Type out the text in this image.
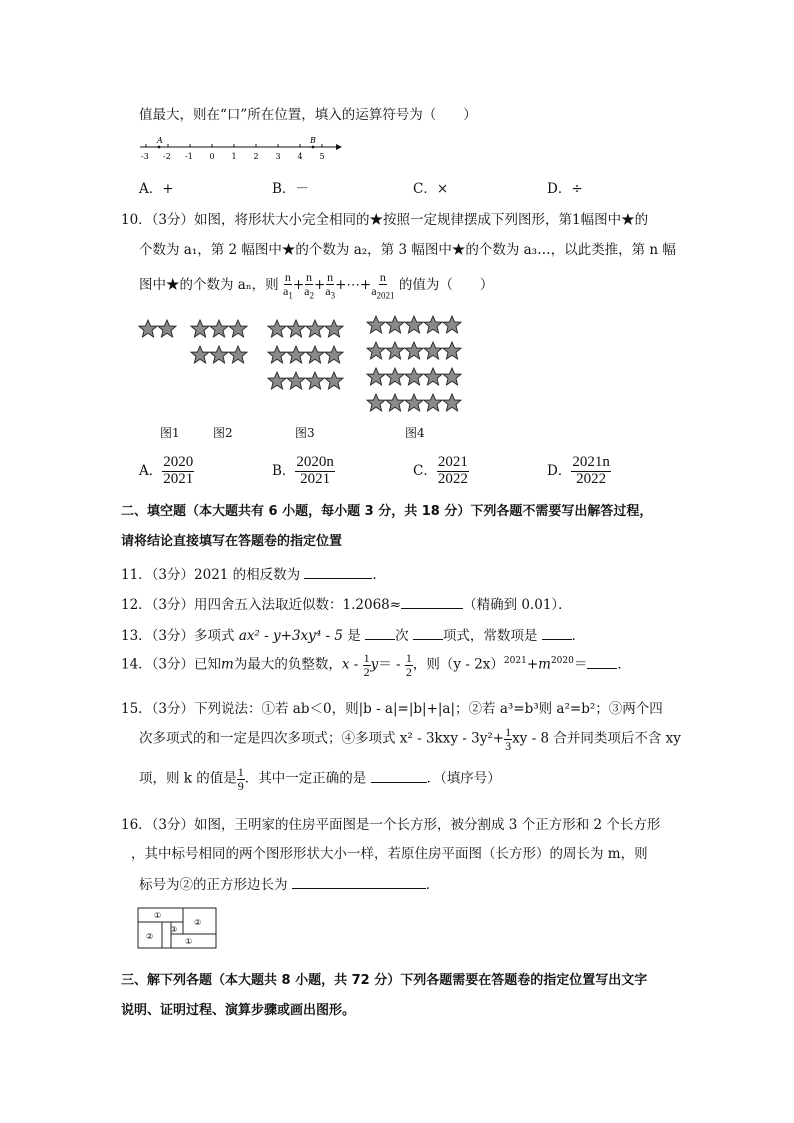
值最大，则在“口”所在位置，填入的运算符号为（　　）
-3 -2 -1 0 1 2 3 4 5
A	B
A．+	B．－	C．×	D．÷
10．（3分）如图，将形状大小完全相同的★按照一定规律摆成下列图形，第1幅图中★的
个数为 a₁，第 2 幅图中★的个数为 a₂，第 3 幅图中★的个数为 a₃…，以此类推，第 n 幅
图中★的个数为 aₙ，则 $\frac{n}{a_1} + \frac{n}{a_2} + \frac{n}{a_3}$ +⋯+ $\frac{n}{a_{2021}}$ 的值为（　　）
图1	图2	图3	图4
A． $\frac{2020}{2021}$	B． $\frac{2020n}{2021}$	C． $\frac{2021}{2022}$	D． $\frac{2021n}{2022}$
二、填空题（本大题共有 6 小题，每小题 3 分，共 18 分）下列各题不需要写出解答过程，
请将结论直接填写在答题卷的指定位置
11．（3分）2021 的相反数为	．
12．（3分）用四舍五入法取近似数：1.2068≈	（精确到 0.01）．
13．（3分）多项式 ax² - y+3xy⁴ - 5 是	次	项式，常数项是	．
14．（3分）已知m为最大的负整数，$x - \frac{1}{2} y= - \frac{1}{2}$ ，则$(y - 2x)^{2021}+m^{2020}=$ ．
15．（3分）下列说法：①若 ab＜0，则|b - a|=|b|+|a|；②若 a³=b³则 a²=b²；③两个四
次多项式的和一定是四次多项式；④多项式 $x^2 - 3kxy - 3y^2+ \frac{1}{3}$ xy - 8 合并同类项后不含 xy
项，则 k 的值是 $\frac{1}{9}$ ．其中一定正确的是	．（填序号）
16．（3分）如图，王明家的住房平面图是一个长方形，被分割成 3 个正方形和 2 个长方形
，其中标号相同的两个图形形状大小一样，若原住房平面图（长方形）的周长为 m，则
标号为②的正方形边长为	．
①
③
②
②
①
三、解下列各题（本大题共 8 小题，共 72 分）下列各题需要在答题卷的指定位置写出文字
说明、证明过程、演算步骤或画出图形。
